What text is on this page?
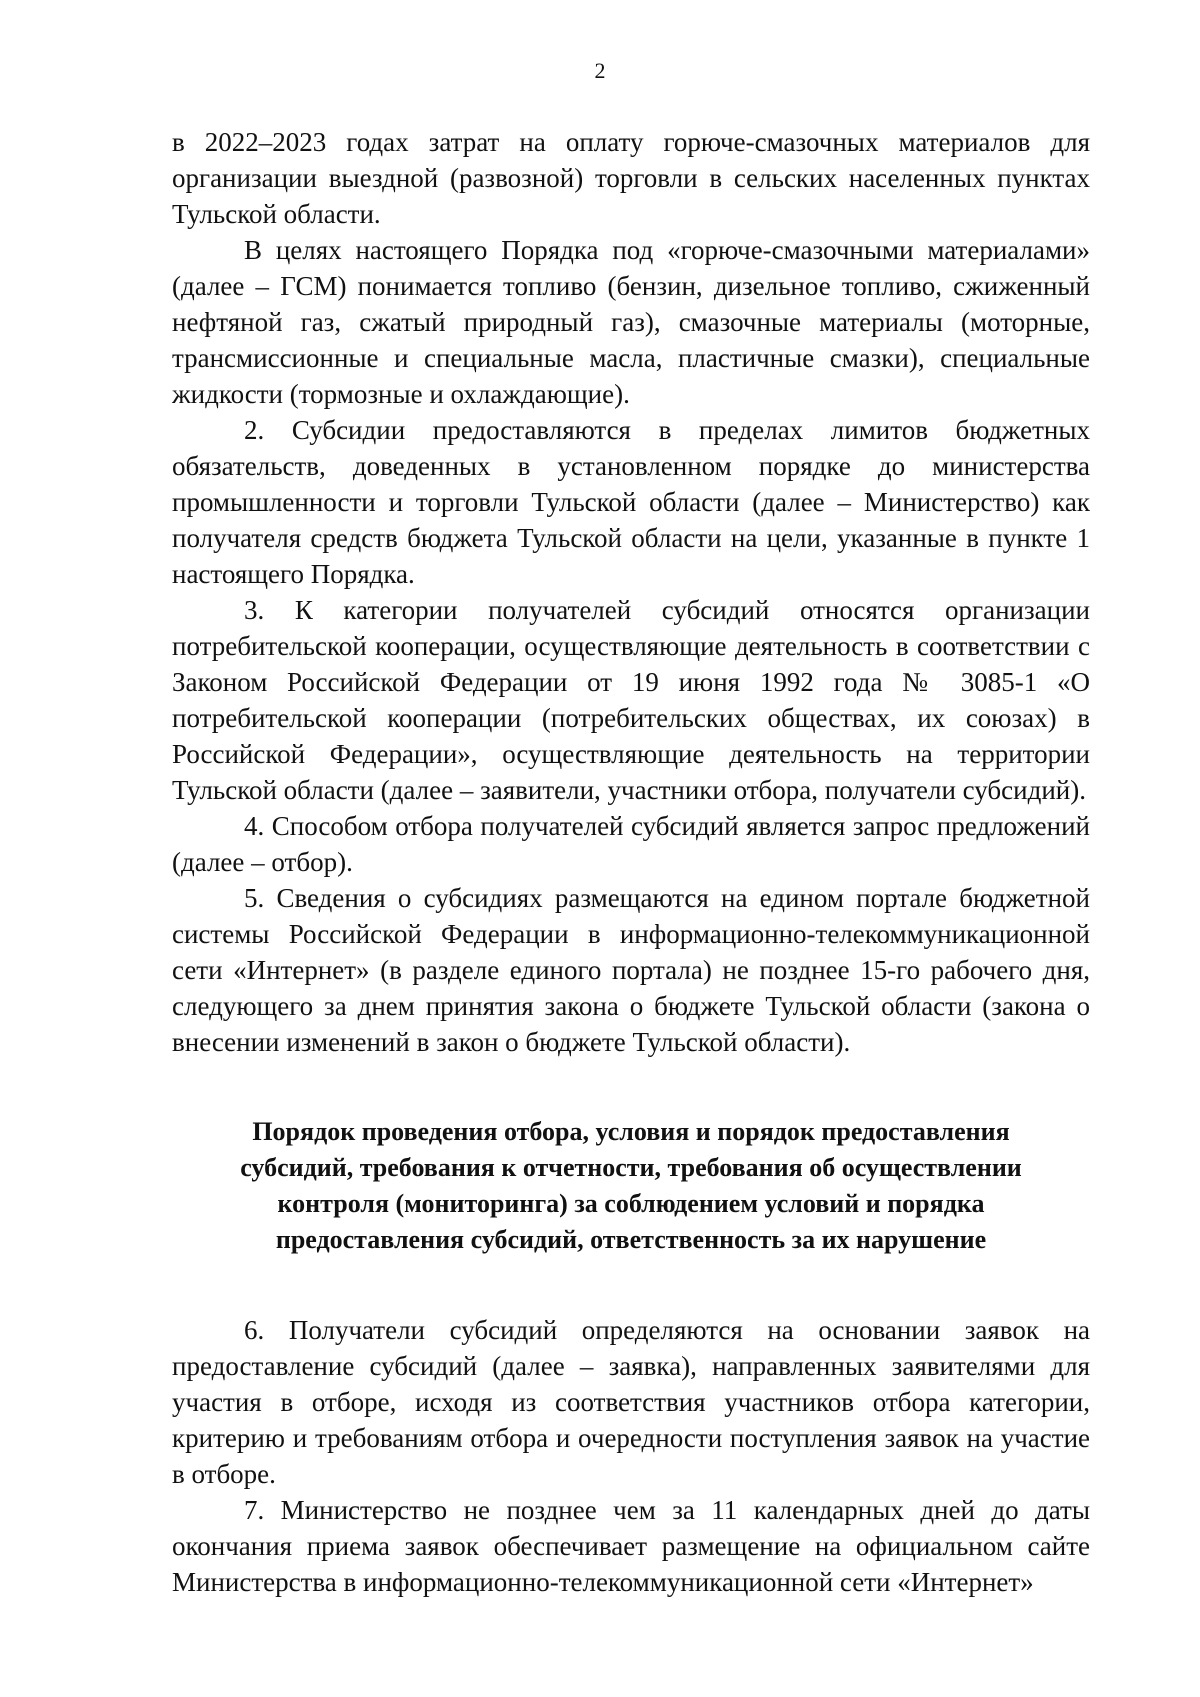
2

в 2022–2023 годах затрат на оплату горюче-смазочных материалов для организации выездной (развозной) торговли в сельских населенных пунктах Тульской области.

В целях настоящего Порядка под «горюче-смазочными материалами» (далее – ГСМ) понимается топливо (бензин, дизельное топливо, сжиженный нефтяной газ, сжатый природный газ), смазочные материалы (моторные, трансмиссионные и специальные масла, пластичные смазки), специальные жидкости (тормозные и охлаждающие).

2. Субсидии предоставляются в пределах лимитов бюджетных обязательств, доведенных в установленном порядке до министерства промышленности и торговли Тульской области (далее – Министерство) как получателя средств бюджета Тульской области на цели, указанные в пункте 1 настоящего Порядка.

3. К категории получателей субсидий относятся организации потребительской кооперации, осуществляющие деятельность в соответствии с Законом Российской Федерации от 19 июня 1992 года № 3085-1 «О потребительской кооперации (потребительских обществах, их союзах) в Российской Федерации», осуществляющие деятельность на территории Тульской области (далее – заявители, участники отбора, получатели субсидий).

4. Способом отбора получателей субсидий является запрос предложений (далее – отбор).

5. Сведения о субсидиях размещаются на едином портале бюджетной системы Российской Федерации в информационно-телекоммуникационной сети «Интернет» (в разделе единого портала) не позднее 15-го рабочего дня, следующего за днем принятия закона о бюджете Тульской области (закона о внесении изменений в закон о бюджете Тульской области).

Порядок проведения отбора, условия и порядок предоставления субсидий, требования к отчетности, требования об осуществлении контроля (мониторинга) за соблюдением условий и порядка предоставления субсидий, ответственность за их нарушение

6. Получатели субсидий определяются на основании заявок на предоставление субсидий (далее – заявка), направленных заявителями для участия в отборе, исходя из соответствия участников отбора категории, критерию и требованиям отбора и очередности поступления заявок на участие в отборе.

7. Министерство не позднее чем за 11 календарных дней до даты окончания приема заявок обеспечивает размещение на официальном сайте Министерства в информационно-телекоммуникационной сети «Интернет»
